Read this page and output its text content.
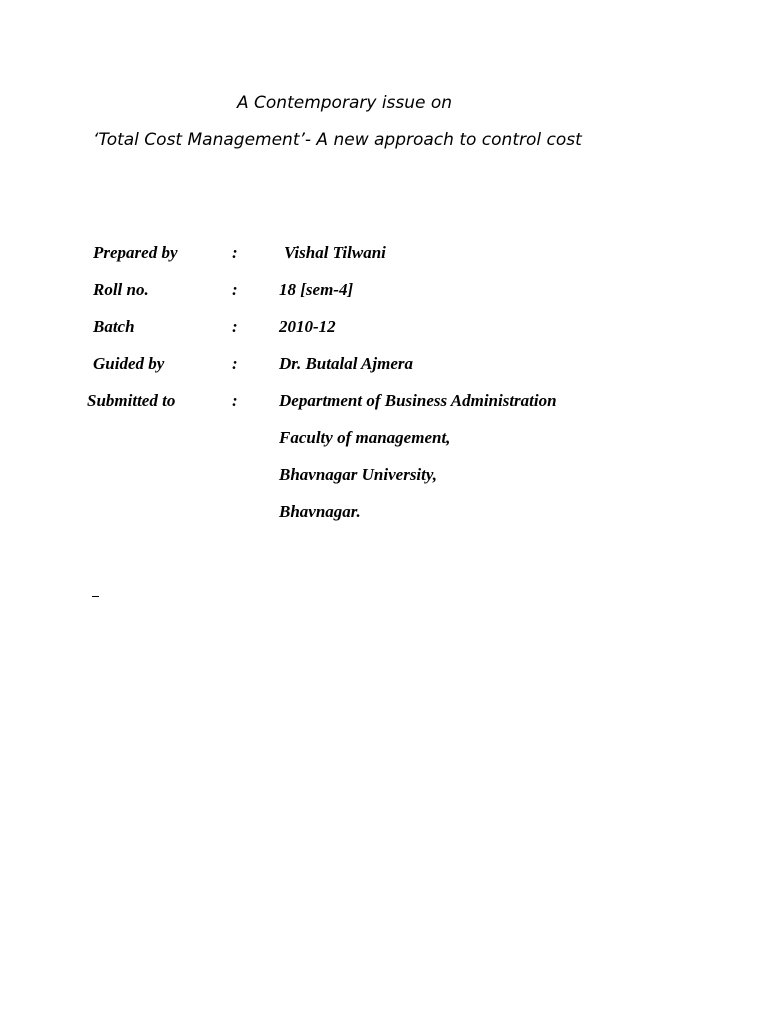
A Contemporary issue on
‘Total Cost Management’- A new approach to control cost
Prepared by	:	Vishal Tilwani
Roll no.	: 18 [sem-4]
Batch	: 2010-12
Guided by	: Dr. Butalal Ajmera
Submitted to	: Department of Business Administration
Faculty of management,
Bhavnagar University,
Bhavnagar.
